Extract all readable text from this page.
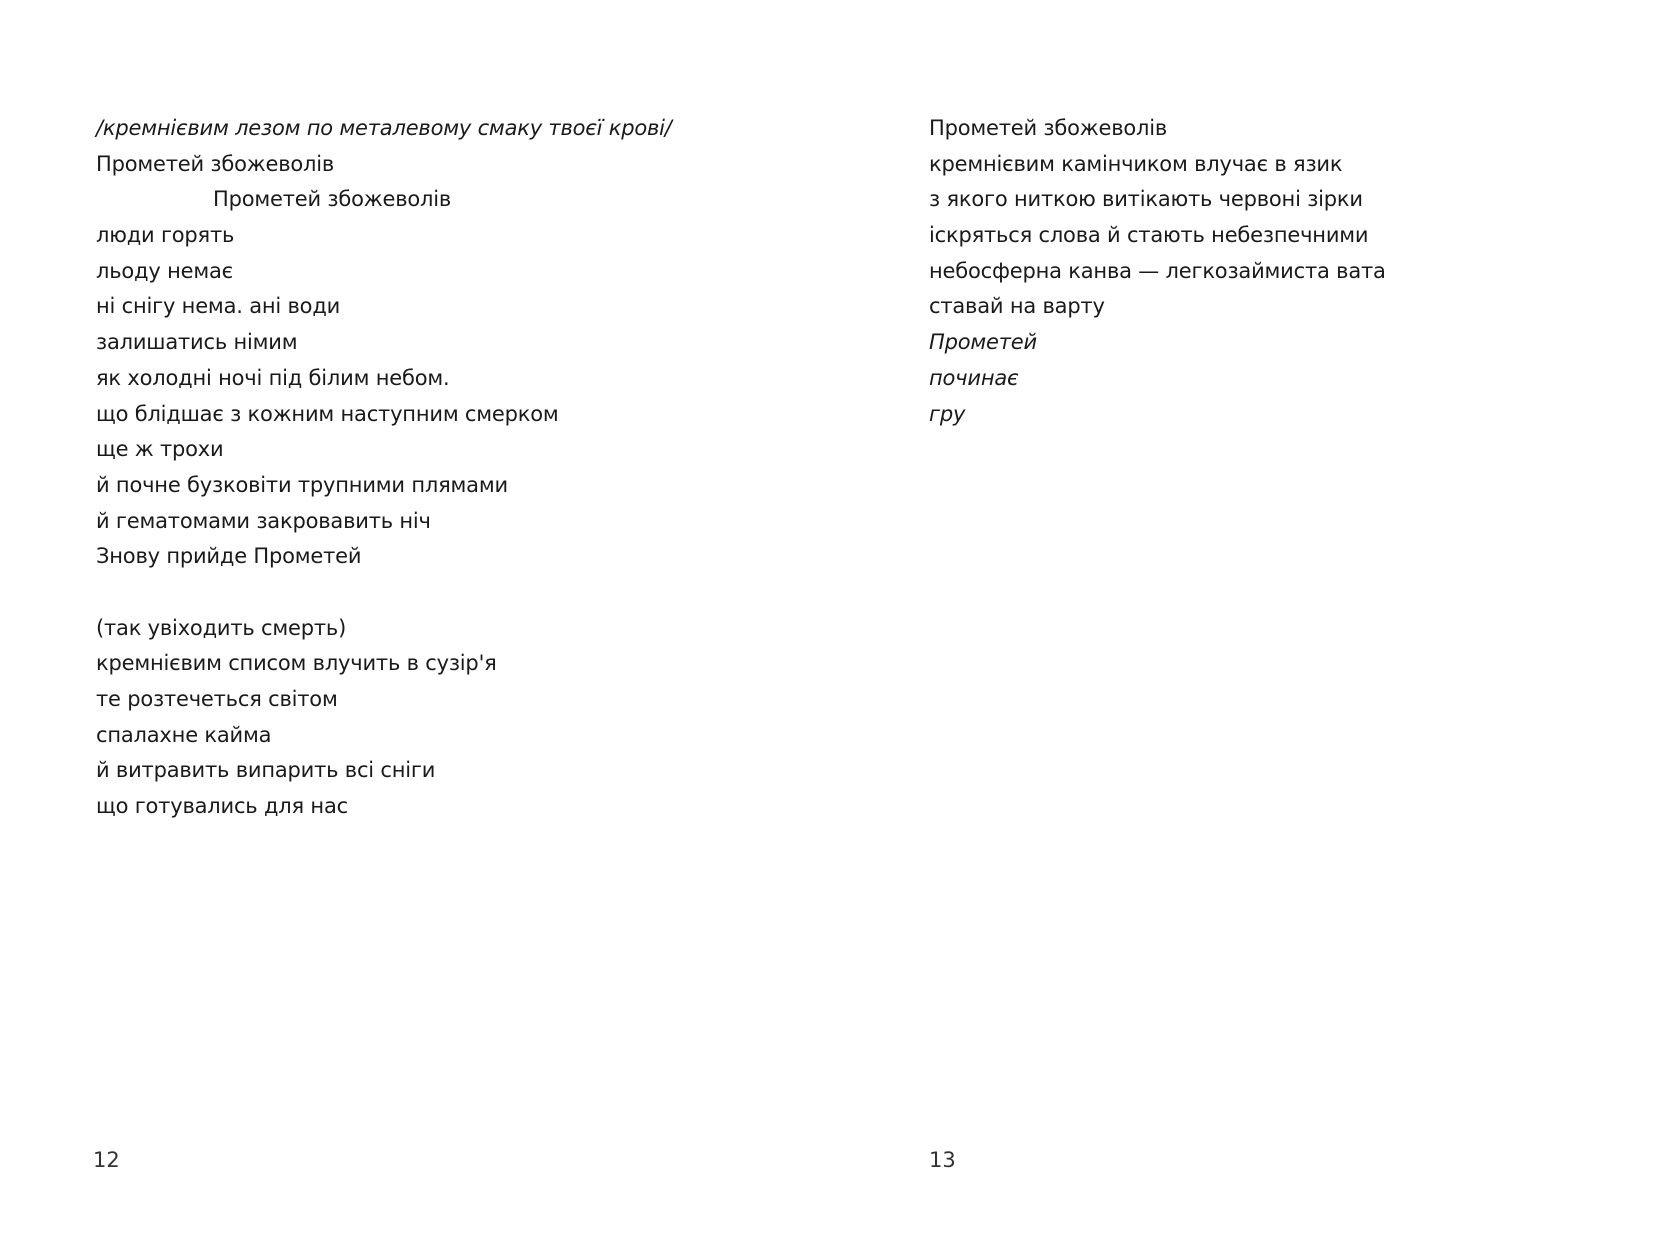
/кремнієвим лезом по металевому смаку твоєї крові/
Прометей збожеволів
Прометей збожеволів
люди горять
льоду немає
ні снігу нема. ані води
залишатись німим
як холодні ночі під білим небом.
що блідшає з кожним наступним смерком
ще ж трохи
й почне бузковіти трупними плямами
й гематомами закровавить ніч
Знову прийде Прометей
(так увіходить смерть)
кремнієвим списом влучить в сузір'я
те розтечеться світом
спалахне кайма
й витравить випарить всі сніги
що готувались для нас
12
Прометей збожеволів
кремнієвим камінчиком влучає в язик
з якого ниткою витікають червоні зірки
іскряться слова й стають небезпечними
небосферна канва — легкозаймиста вата
ставай на варту
Прометей
починає
гру
13
